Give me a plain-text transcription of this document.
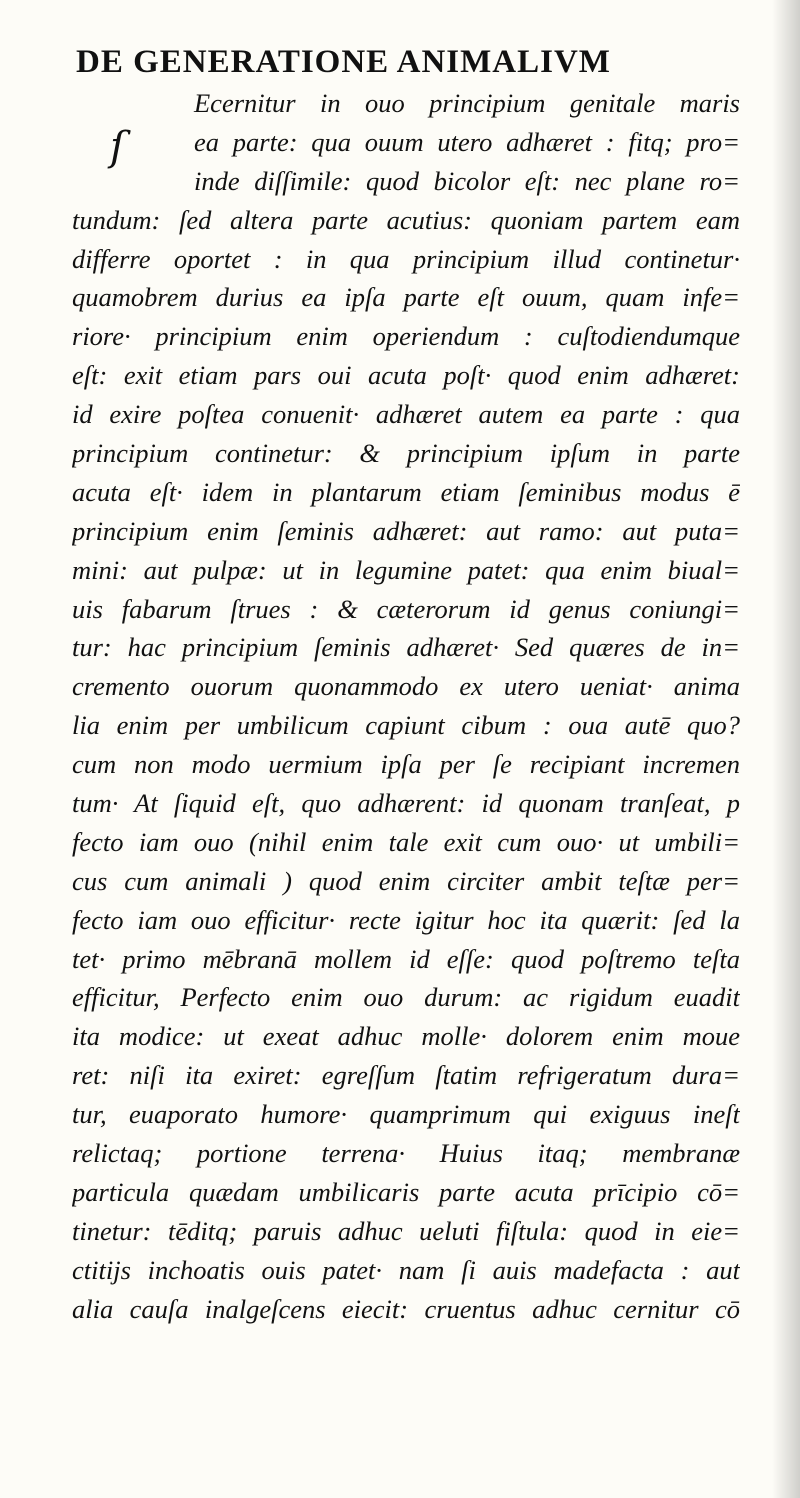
DE GENERATIONE ANIMALIVM
ſ
Ecernitur in ouo principium genitale maris
ea parte: qua ouum utero adhæret : fitq; pro=
inde diſſimile: quod bicolor eſt: nec plane ro=
tundum: ſed altera parte acutius: quoniam partem eam
differre oportet : in qua principium illud continetur·
quamobrem durius ea ipſa parte eſt ouum, quam infe=
riore· principium enim operiendum : cuſtodiendumque
eſt: exit etiam pars oui acuta poſt· quod enim adhæret:
id exire poſtea conuenit· adhæret autem ea parte : qua
principium continetur: & principium ipſum in parte
acuta eſt· idem in plantarum etiam ſeminibus modus ē
principium enim ſeminis adhæret: aut ramo: aut puta=
mini: aut pulpæ: ut in legumine patet: qua enim biual=
uis fabarum ſtrues : & cæterorum id genus coniungi=
tur: hac principium ſeminis adhæret· Sed quæres de in=
cremento ouorum quonammodo ex utero ueniat· anima
lia enim per umbilicum capiunt cibum : oua autē quo?
cum non modo uermium ipſa per ſe recipiant incremen
tum· At ſiquid eſt, quo adhærent: id quonam tranſeat, p
fecto iam ouo (nihil enim tale exit cum ouo· ut umbili=
cus cum animali ) quod enim circiter ambit teſtæ per=
fecto iam ouo efficitur· recte igitur hoc ita quærit: ſed la
tet· primo mēbranā mollem id eſſe: quod poſtremo teſta
efficitur, Perfecto enim ouo durum: ac rigidum euadit
ita modice: ut exeat adhuc molle· dolorem enim moue
ret: niſi ita exiret: egreſſum ſtatim refrigeratum dura=
tur, euaporato humore· quamprimum qui exiguus ineſt
relictaq; portione terrena· Huius itaq; membranæ
particula quædam umbilicaris parte acuta prīcipio cō=
tinetur: tēditq; paruis adhuc ueluti fiſtula: quod in eie=
ctitijs inchoatis ouis patet· nam ſi auis madefacta : aut
alia cauſa inalgeſcens eiecit: cruentus adhuc cernitur cō
